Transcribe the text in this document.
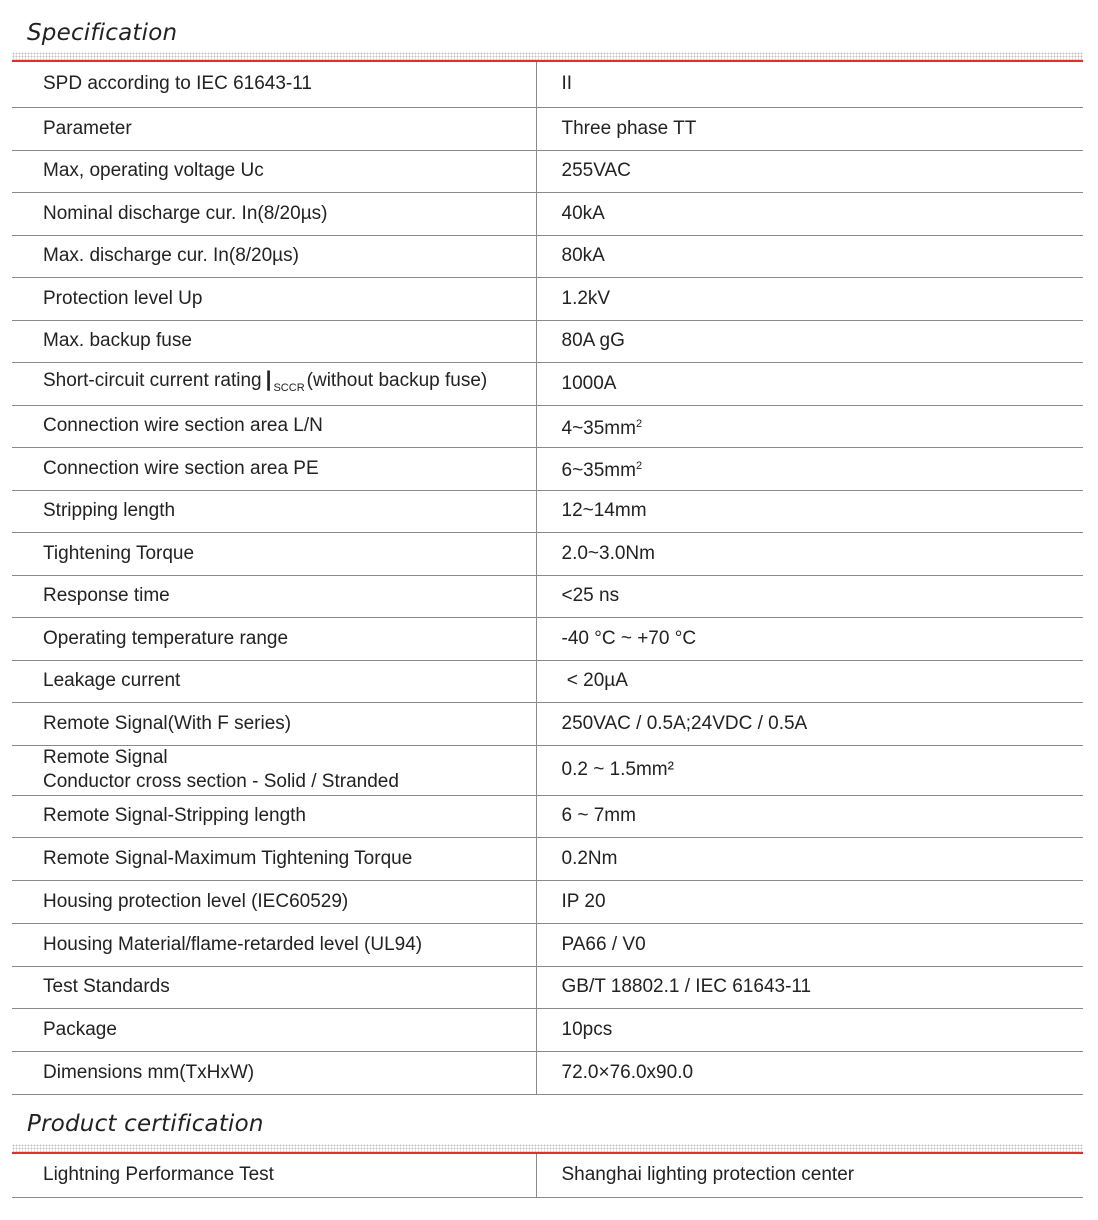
Specification
SPD according to IEC 61643-11	II
Parameter	Three phase TT
Max, operating voltage Uc	255VAC
Nominal discharge cur. In(8/20µs)	40kA
Max. discharge cur. In(8/20µs)	80kA
Protection level Up	1.2kV
Max. backup fuse	80A gG
Short-circuit current rating | $_{SCCR}$ (without backup fuse)	1000A
Connection wire section area L/N	$4\sim 35mm^2$
Connection wire section area PE	$6\sim 35mm^2$
Stripping length	12~14mm
Tightening Torque	2.0~3.0Nm
Response time	<25 ns
Operating temperature range	-40 °C ~ +70 °C
Leakage current	< 20µA
Remote Signal(With F series)	250VAC / 0.5A;24VDC / 0.5A

Remote Signal
Conductor cross section - Solid / Stranded	0.2 ~ 1.5mm²
Remote Signal-Stripping length	6 ~ 7mm
Remote Signal-Maximum Tightening Torque	0.2Nm
Housing protection level (IEC60529)	IP 20
Housing Material/flame-retarded level (UL94)	PA66 / V0
Test Standards	GB/T 18802.1 / IEC 61643-11
Package	10pcs
Dimensions mm(TxHxW)	72.0×76.0x90.0
Product certification
Lightning Performance Test	Shanghai lighting protection center
